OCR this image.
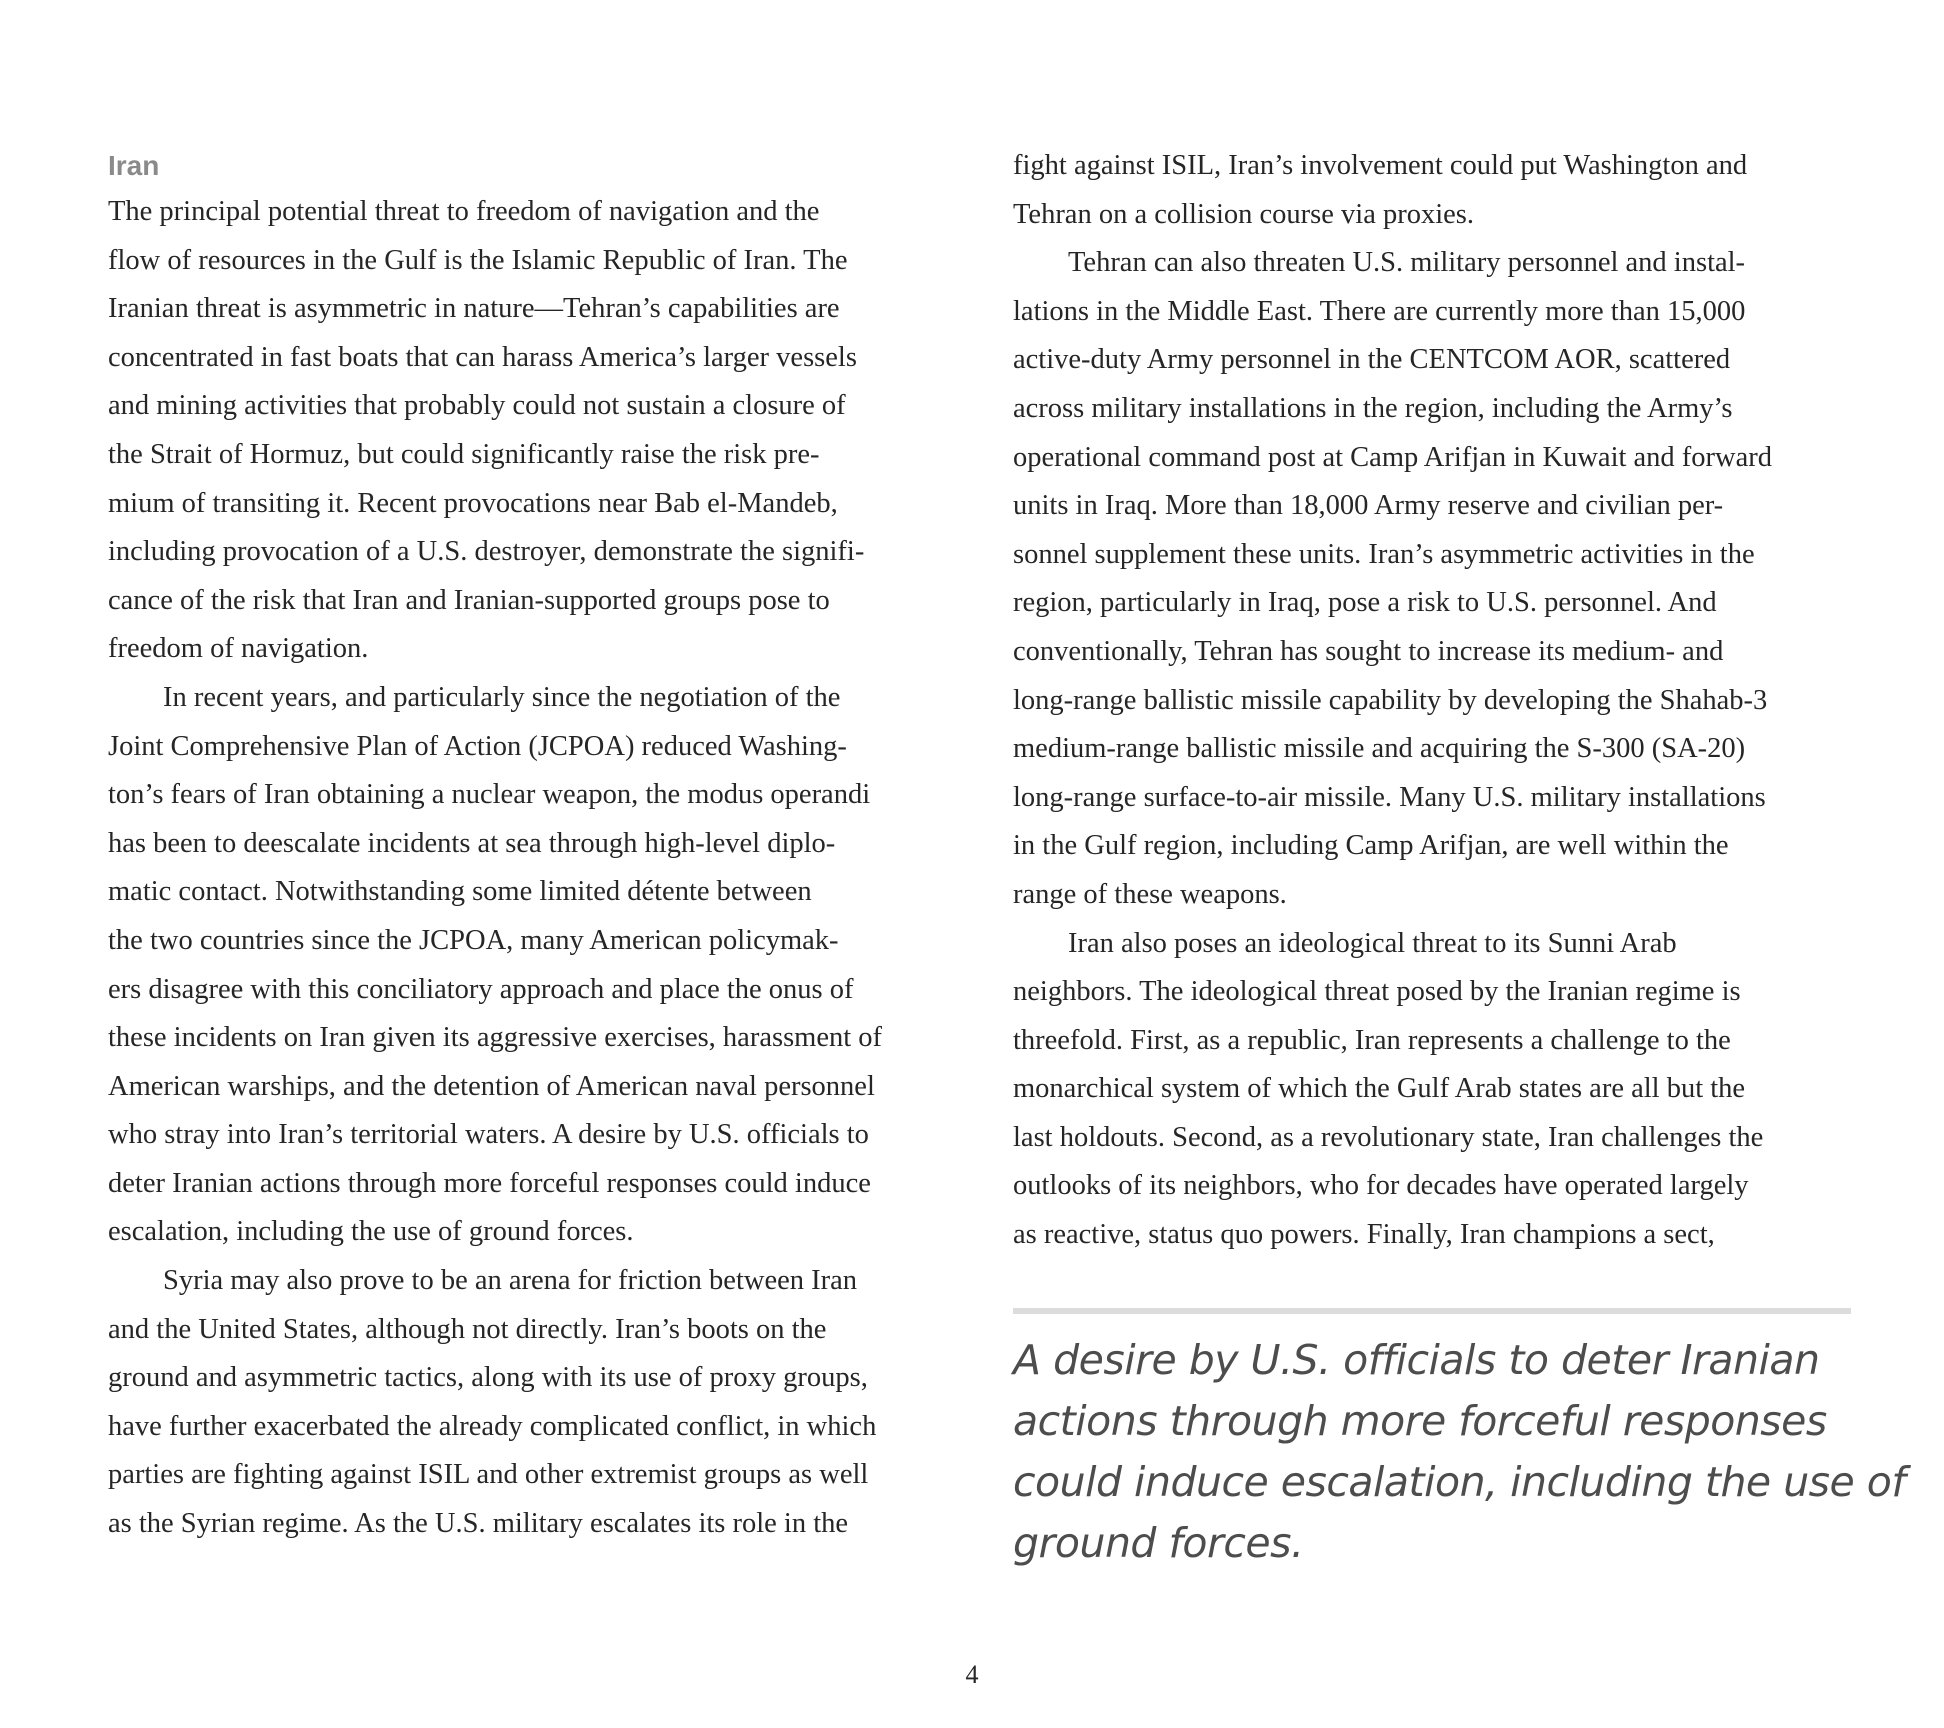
Iran
The principal potential threat to freedom of navigation and the
flow of resources in the Gulf is the Islamic Republic of Iran. The
Iranian threat is asymmetric in nature—Tehran’s capabilities are
concentrated in fast boats that can harass America’s larger vessels
and mining activities that probably could not sustain a closure of
the Strait of Hormuz, but could significantly raise the risk pre-
mium of transiting it. Recent provocations near Bab el-Mandeb,
including provocation of a U.S. destroyer, demonstrate the signifi-
cance of the risk that Iran and Iranian-supported groups pose to
freedom of navigation.
In recent years, and particularly since the negotiation of the
Joint Comprehensive Plan of Action (JCPOA) reduced Washing-
ton’s fears of Iran obtaining a nuclear weapon, the modus operandi
has been to deescalate incidents at sea through high-level diplo-
matic contact. Notwithstanding some limited détente between
the two countries since the JCPOA, many American policymak-
ers disagree with this conciliatory approach and place the onus of
these incidents on Iran given its aggressive exercises, harassment of
American warships, and the detention of American naval personnel
who stray into Iran’s territorial waters. A desire by U.S. officials to
deter Iranian actions through more forceful responses could induce
escalation, including the use of ground forces.
Syria may also prove to be an arena for friction between Iran
and the United States, although not directly. Iran’s boots on the
ground and asymmetric tactics, along with its use of proxy groups,
have further exacerbated the already complicated conflict, in which
parties are fighting against ISIL and other extremist groups as well
as the Syrian regime. As the U.S. military escalates its role in the
fight against ISIL, Iran’s involvement could put Washington and
Tehran on a collision course via proxies.
Tehran can also threaten U.S. military personnel and instal-
lations in the Middle East. There are currently more than 15,000
active-duty Army personnel in the CENTCOM AOR, scattered
across military installations in the region, including the Army’s
operational command post at Camp Arifjan in Kuwait and forward
units in Iraq. More than 18,000 Army reserve and civilian per-
sonnel supplement these units. Iran’s asymmetric activities in the
region, particularly in Iraq, pose a risk to U.S. personnel. And
conventionally, Tehran has sought to increase its medium- and
long-range ballistic missile capability by developing the Shahab-3
medium-range ballistic missile and acquiring the S-300 (SA-20)
long-range surface-to-air missile. Many U.S. military installations
in the Gulf region, including Camp Arifjan, are well within the
range of these weapons.
Iran also poses an ideological threat to its Sunni Arab
neighbors. The ideological threat posed by the Iranian regime is
threefold. First, as a republic, Iran represents a challenge to the
monarchical system of which the Gulf Arab states are all but the
last holdouts. Second, as a revolutionary state, Iran challenges the
outlooks of its neighbors, who for decades have operated largely
as reactive, status quo powers. Finally, Iran champions a sect,
A desire by U.S. officials to deter Iranian
actions through more forceful responses
could induce escalation, including the use of
ground forces.
4
